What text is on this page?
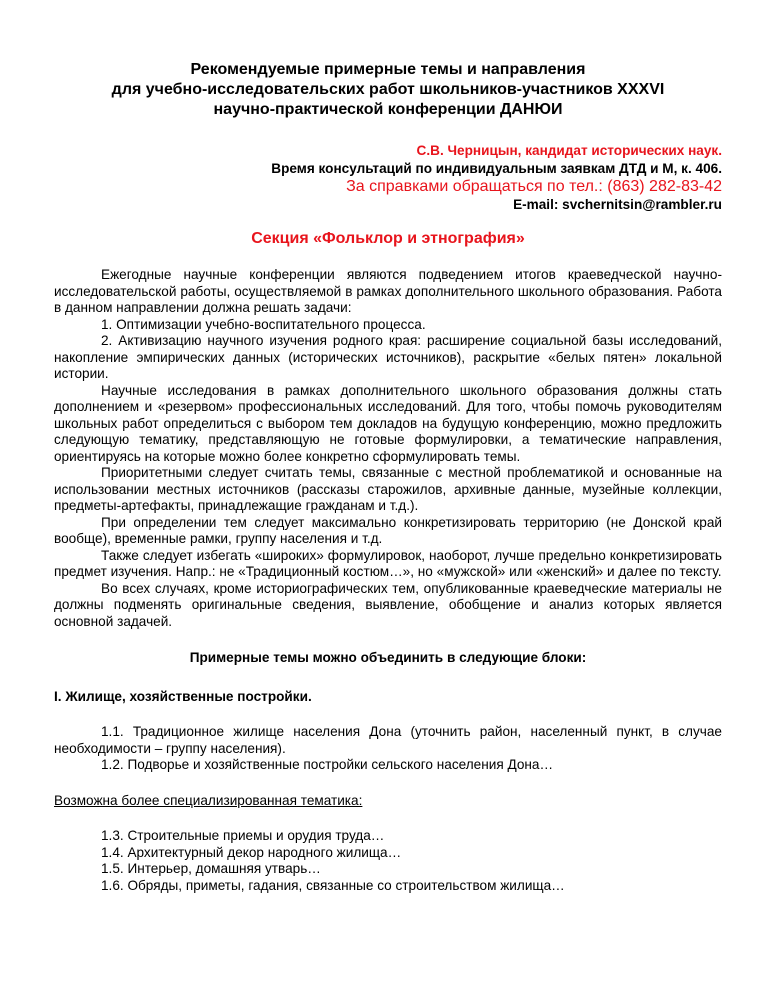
Рекомендуемые примерные темы и направления

для учебно-исследовательских работ школьников-участников XXXVI

научно-практической конференции ДАНЮИ

С.В. Черницын, кандидат исторических наук.
Время консультаций по индивидуальным заявкам ДТД и М, к. 406.
За справками обращаться по тел.: (863) 282-83-42
E-mail: svchernitsin@rambler.ru
Секция «Фольклор и этнография»

Ежегодные научные конференции являются подведением итогов краеведческой научно-исследовательской работы, осуществляемой в рамках дополнительного школьного образования. Работа в данном направлении должна решать задачи:

1. Оптимизации учебно-воспитательного процесса.

2. Активизацию научного изучения родного края: расширение социальной базы исследований, накопление эмпирических данных (исторических источников), раскрытие «белых пятен» локальной истории.

Научные исследования в рамках дополнительного школьного образования должны стать дополнением и «резервом» профессиональных исследований. Для того, чтобы помочь руководителям школьных работ определиться с выбором тем докладов на будущую конференцию, можно предложить следующую тематику, представляющую не готовые формулировки, а тематические направления, ориентируясь на которые можно более конкретно сформулировать темы.

Приоритетными следует считать темы, связанные с местной проблематикой и основанные на использовании местных источников (рассказы старожилов, архивные данные, музейные коллекции, предметы-артефакты, принадлежащие гражданам и т.д.).

При определении тем следует максимально конкретизировать территорию (не Донской край вообще), временные рамки, группу населения и т.д.

Также следует избегать «широких» формулировок, наоборот, лучше предельно конкретизировать предмет изучения. Напр.: не «Традиционный костюм…», но «мужской» или «женский» и далее по тексту.

Во всех случаях, кроме историографических тем, опубликованные краеведческие материалы не должны подменять оригинальные сведения, выявление, обобщение и анализ которых является основной задачей.

Примерные темы можно объединить в следующие блоки:
I. Жилище, хозяйственные постройки.

1.1. Традиционное жилище населения Дона (уточнить район, населенный пункт, в случае необходимости – группу населения).

1.2. Подворье и хозяйственные постройки сельского населения Дона…

Возможна более специализированная тематика:

1.3. Строительные приемы и орудия труда…

1.4. Архитектурный декор народного жилища…

1.5. Интерьер, домашняя утварь…

1.6. Обряды, приметы, гадания, связанные со строительством жилища…
